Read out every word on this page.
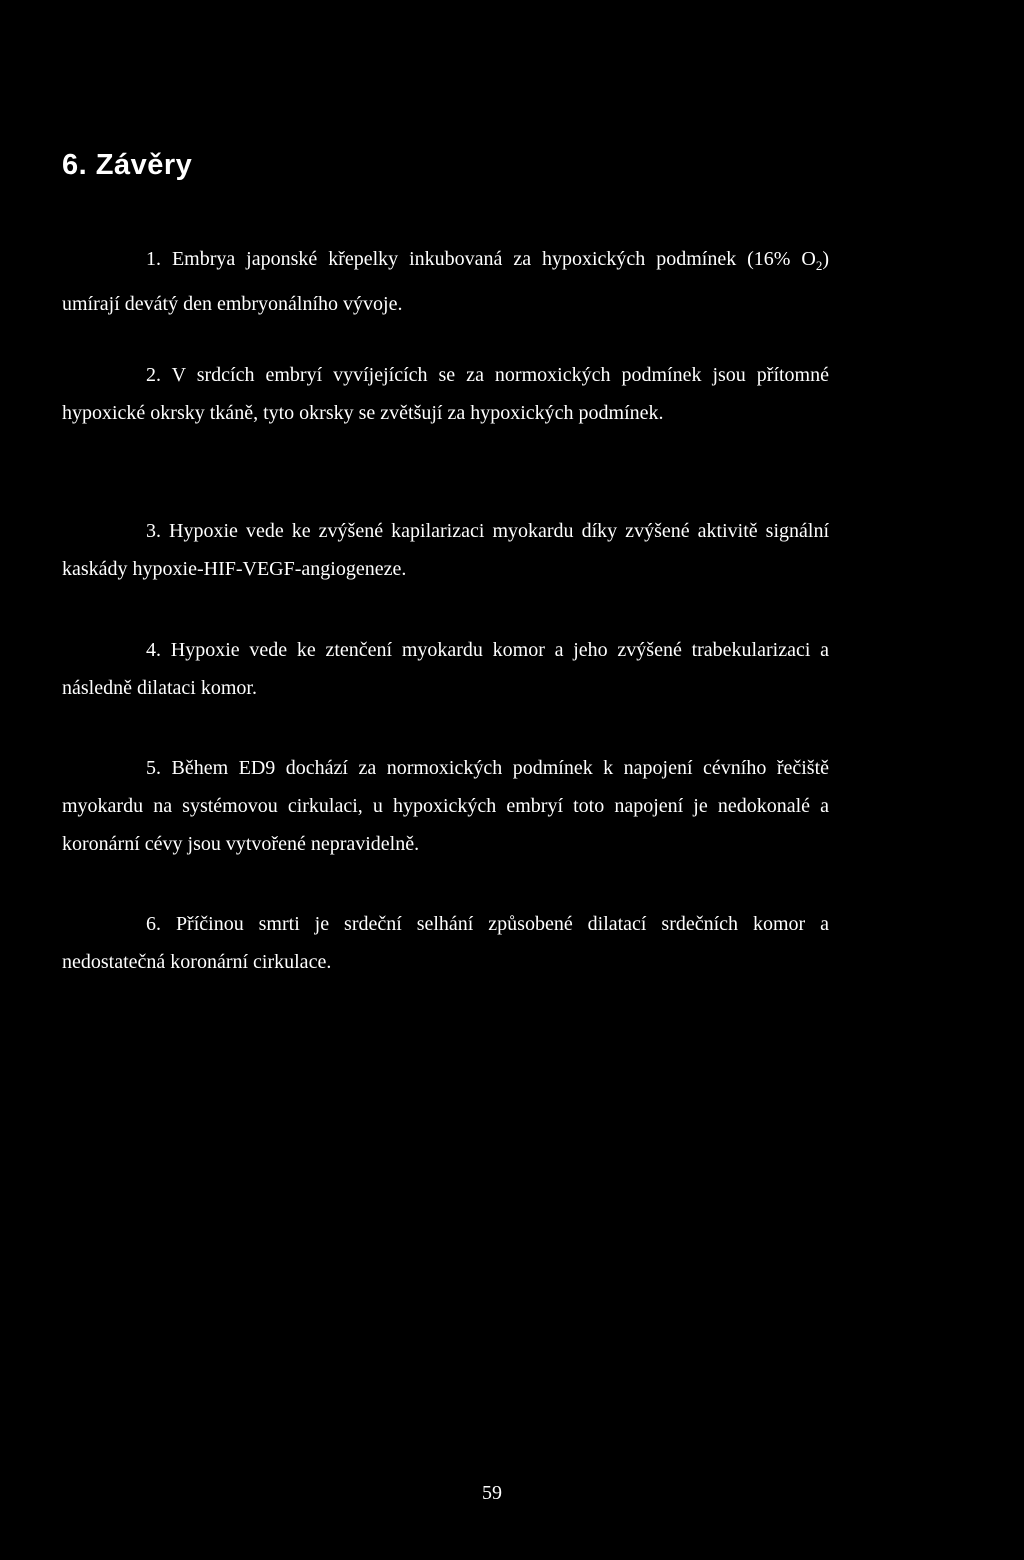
6. Závěry

1. Embrya japonské křepelky inkubovaná za hypoxických podmínek (16% $O_2$) umírají devátý den embryonálního vývoje.

2. V srdcích embryí vyvíjejících se za normoxických podmínek jsou přítomné hypoxické okrsky tkáně, tyto okrsky se zvětšují za hypoxických podmínek.

3. Hypoxie vede ke zvýšené kapilarizaci myokardu díky zvýšené aktivitě signální kaskády hypoxie-HIF-VEGF-angiogeneze.

4. Hypoxie vede ke ztenčení myokardu komor a jeho zvýšené trabekularizaci a následně dilataci komor.

5. Během ED9 dochází za normoxických podmínek k napojení cévního řečiště myokardu na systémovou cirkulaci, u hypoxických embryí toto napojení je nedokonalé a koronární cévy jsou vytvořené nepravidelně.

6. Příčinou smrti je srdeční selhání způsobené dilatací srdečních komor a nedostatečná koronární cirkulace.

59
